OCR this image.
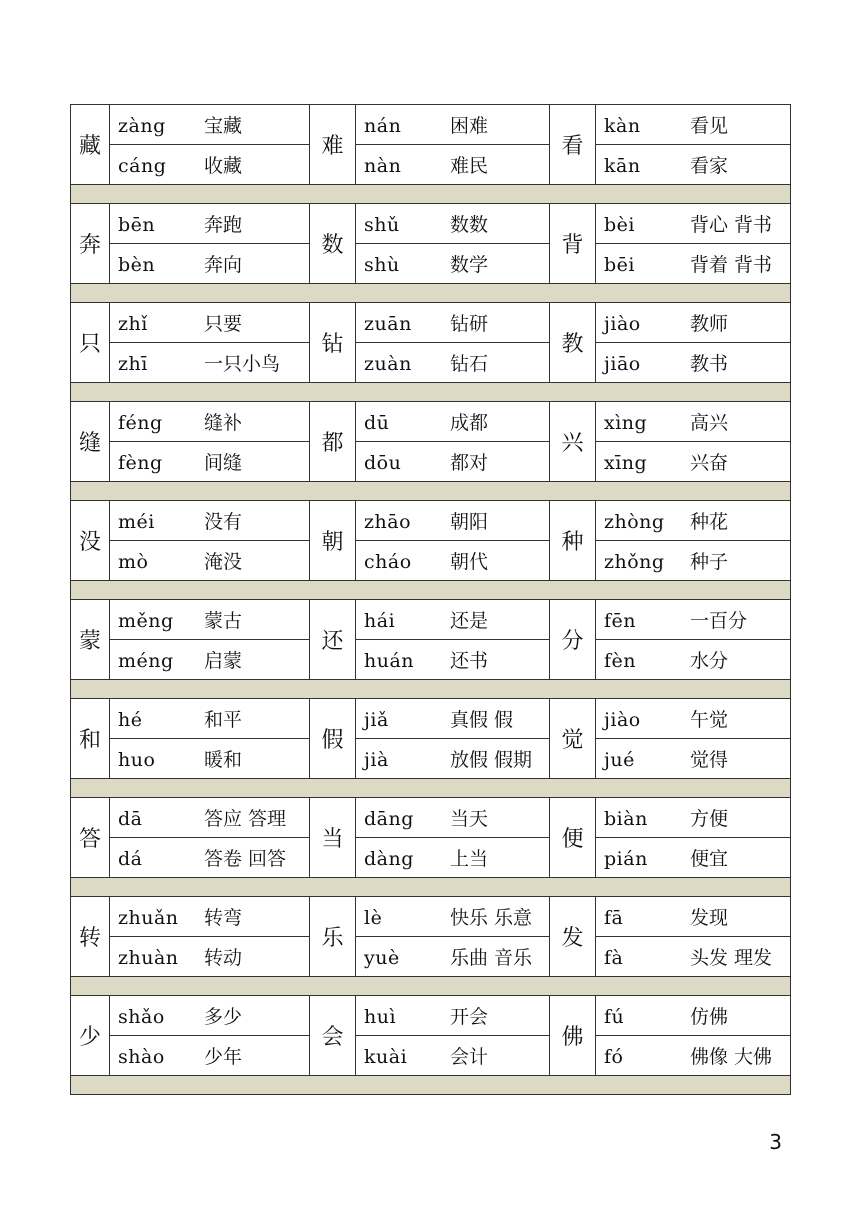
藏	zàng 宝藏	难	nán 困难	看	kàn 看见
	cáng 收藏		nàn 难民		kān 看家

奔	bēn 奔跑	数	shǔ 数数	背	bèi 背心 背书
	bèn 奔向		shù 数学		bēi 背着 背书

只	zhǐ 只要	钻	zuān 钻研	教	jiào 教师
	zhī 一只小鸟		zuàn 钻石		jiāo 教书

缝	féng 缝补	都	dū 成都	兴	xìng 高兴
	fèng 间缝		dōu 都对		xīng 兴奋

没	méi 没有	朝	zhāo 朝阳	种	zhòng 种花
	mò 淹没		cháo 朝代		zhǒng 种子

蒙	měng 蒙古	还	hái 还是	分	fēn 一百分
	méng 启蒙		huán 还书		fèn 水分

和	hé 和平	假	jiǎ 真假 假	觉	jiào 午觉
	huo 暖和		jià 放假 假期		jué 觉得

答	dā 答应 答理	当	dāng 当天	便	biàn 方便
	dá 答卷 回答		dàng 上当		pián 便宜

转	zhuǎn 转弯	乐	lè 快乐 乐意	发	fā 发现
	zhuàn 转动		yuè 乐曲 音乐		fà 头发 理发

少	shǎo 多少	会	huì 开会	佛	fú 仿佛
	shào 少年		kuài 会计		fó 佛像 大佛

3
